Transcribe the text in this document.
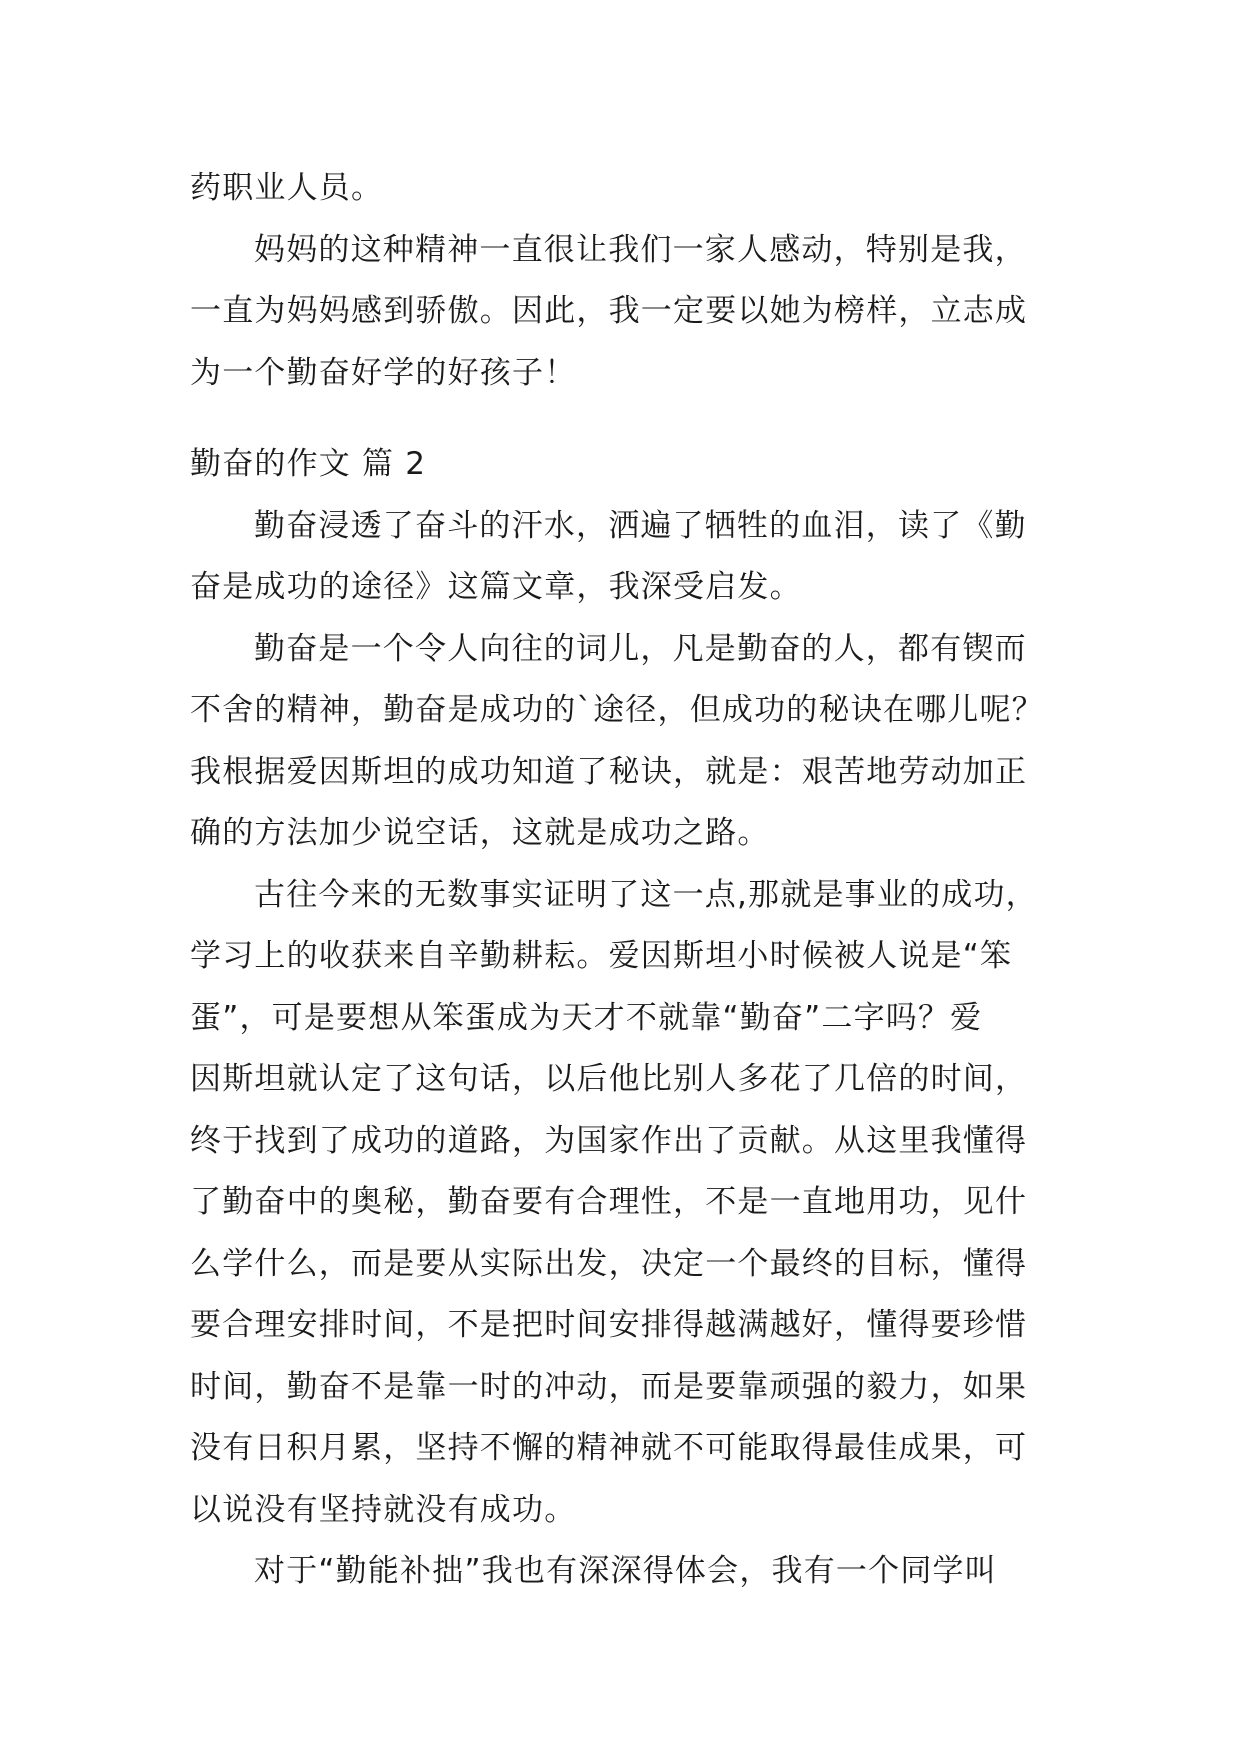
药职业人员。
妈妈的这种精神一直很让我们一家人感动，特别是我，
一直为妈妈感到骄傲。因此，我一定要以她为榜样，立志成
为一个勤奋好学的好孩子！
勤奋的作文 篇 2
勤奋浸透了奋斗的汗水，洒遍了牺牲的血泪，读了《勤
奋是成功的途径》这篇文章，我深受启发。
勤奋是一个令人向往的词儿，凡是勤奋的人，都有锲而
不舍的精神，勤奋是成功的`途径，但成功的秘诀在哪儿呢？
我根据爱因斯坦的成功知道了秘诀，就是：艰苦地劳动加正
确的方法加少说空话，这就是成功之路。
古往今来的无数事实证明了这一点,那就是事业的成功，
学习上的收获来自辛勤耕耘。爱因斯坦小时候被人说是“笨
蛋”，可是要想从笨蛋成为天才不就靠“勤奋”二字吗？爱
因斯坦就认定了这句话，以后他比别人多花了几倍的时间，
终于找到了成功的道路，为国家作出了贡献。从这里我懂得
了勤奋中的奥秘，勤奋要有合理性，不是一直地用功，见什
么学什么，而是要从实际出发，决定一个最终的目标，懂得
要合理安排时间，不是把时间安排得越满越好，懂得要珍惜
时间，勤奋不是靠一时的冲动，而是要靠顽强的毅力，如果
没有日积月累，坚持不懈的精神就不可能取得最佳成果，可
以说没有坚持就没有成功。
对于“勤能补拙”我也有深深得体会，我有一个同学叫
